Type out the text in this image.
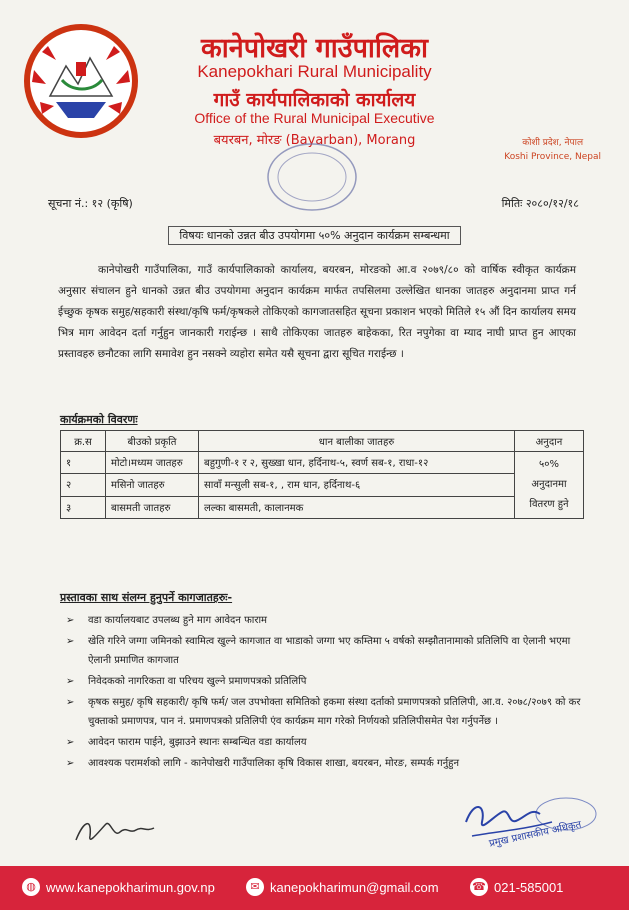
कानेपोखरी गाउँपालिका
Kanepokhari Rural Municipality
गाउँ कार्यपालिकाको कार्यालय
Office of the Rural Municipal Executive
बयरबन, मोरङ (Bayarban), Morang	कोशी प्रदेश, नेपाल
Koshi Province, Nepal
सूचना नं.: १२ (कृषि)	मितिः २०८०/१२/१८
विषयः धानको उन्नत बीउ उपयोगमा ५०% अनुदान कार्यक्रम सम्बन्धमा
कानेपोखरी गाउँपालिका, गाउँ कार्यपालिकाको कार्यालय, बयरबन, मोरङको आ.व २०७९/८० को वार्षिक स्वीकृत कार्यक्रम अनुसार संचालन हुने धानको उन्नत बीउ उपयोगमा अनुदान कार्यक्रम मार्फत तपसिलमा उल्लेखित धानका जातहरु अनुदानमा प्राप्त गर्न ईच्छुक कृषक समुह/सहकारी संस्था/कृषि फर्म/कृषकले तोकिएको कागजातसहित सूचना प्रकाशन भएको मितिले १५ औं दिन कार्यालय समय भित्र माग आवेदन दर्ता गर्नुहुन जानकारी गराईन्छ । साथै तोकिएका जातहरु बाहेकका, रित नपुगेका वा म्याद नाघी प्राप्त हुन आएका प्रस्तावहरु छनौटका लागि समावेश हुन नसक्ने व्यहोरा समेत यसै सूचना द्वारा सूचित गराईन्छ ।
कार्यक्रमको विवरणः
क्र.स	बीउको प्रकृति	धान बालीका जातहरु	अनुदान
१	मोटो।मध्यम जातहरु	बहुगुणी-१ र २, सुख्खा धान, हर्दिनाथ-५, स्वर्ण सब-१, राधा-१२	५०% अनुदानमा वितरण हुने
२	मसिनो जातहरु	सावाँ मन्सुली सब-१, , राम धान, हर्दिनाथ-६	
३	बासमती जातहरु	लल्का बासमती, कालानमक	
प्रस्तावका साथ संलग्न हुनुपर्ने कागजातहरुः-
➢ वडा कार्यालयबाट उपलब्ध हुने माग आवेदन फाराम
➢ खेति गरिने जग्गा जमिनको स्वामित्व खुल्ने कागजात वा भाडाको जग्गा भए कम्तिमा ५ वर्षको सम्झौतानामाको प्रतिलिपि वा ऐलानी भएमा ऐलानी प्रमाणित कागजात
➢ निवेदकको नागरिकता वा परिचय खुल्ने प्रमाणपत्रको प्रतिलिपि
➢ कृषक समुह/ कृषि सहकारी/ कृषि फर्म/ जल उपभोक्ता समितिको हकमा संस्था दर्ताको प्रमाणपत्रको प्रतिलिपी, आ.व. २०७८/२०७९ को कर चुक्ताको प्रमाणपत्र, पान नं. प्रमाणपत्रको प्रतिलिपी एंव कार्यक्रम माग गरेको निर्णयको प्रतिलिपीसमेत पेश गर्नुपर्नेछ ।
➢ आवेदन फाराम पाईने, बुझाउने स्थानः सम्बन्धित वडा कार्यालय
➢ आवश्यक परामर्शको लागि - कानेपोखरी गाउँपालिका कृषि विकास शाखा, बयरबन, मोरङ, सम्पर्क गर्नुहुन
प्रमुख प्रशासकीय अधिकृत
◍ www.kanepokharimun.gov.np	✉ kanepokharimun@gmail.com	☎ 021-585001
